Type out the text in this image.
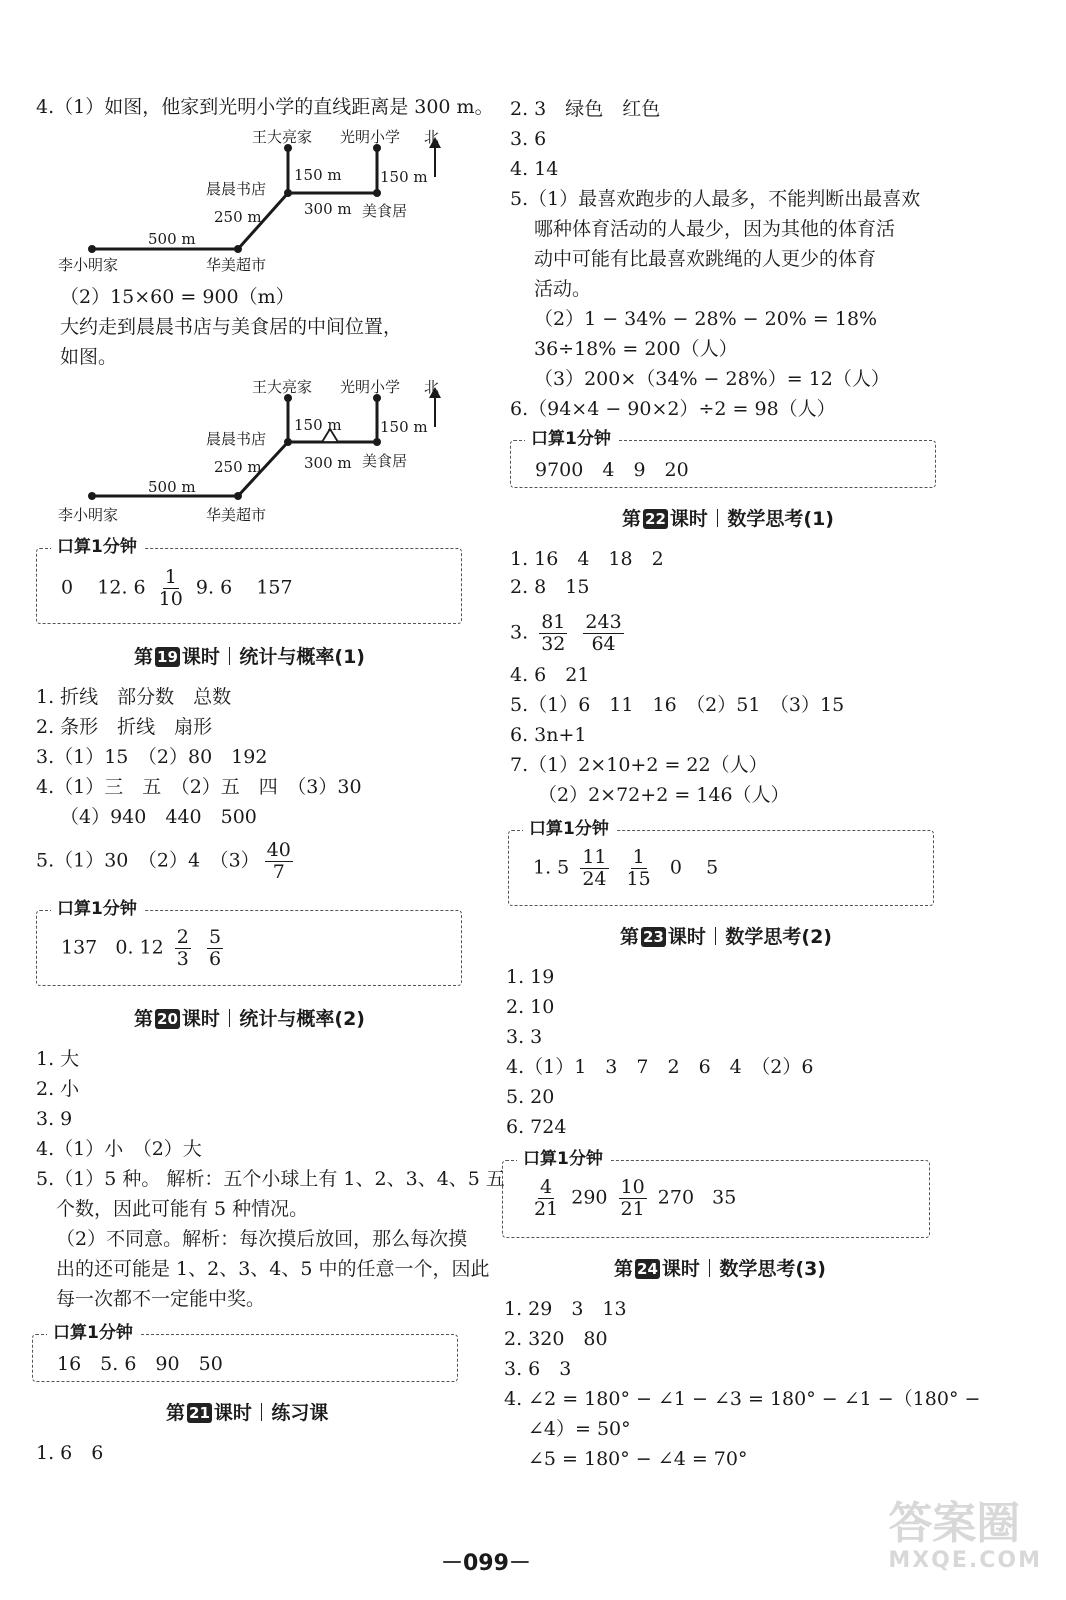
4.（1）如图，他家到光明小学的直线距离是 300 m。
王大亮家 光明小学 北
150 m	150 m
晨晨书店
300 m 美食居
250 m
500 m
李小明家	华美超市
（2）15×60 = 900（m）
大约走到晨晨书店与美食居的中间位置，
如图。
王大亮家 光明小学 北
150 m	150 m
晨晨书店
300 m 美食居
250 m
500 m
李小明家	华美超市
口算1分钟
0 12. $6 \frac{1}{10} 9$. 6 157
第 19 课时 统计与概率(1)
1. 折线　部分数　总数
2. 条形　折线　扇形
3.（1）15　（2）80　192
4.（1）三　五　（2）五　四　（3）30
（4）940　440　500
5.（1）30　（2）4　$(3) \frac{40}{7}$
口算1分钟
137 0. $12 \frac{2}{3}$
$\frac{5}{6}$
第 20 课时 统计与概率(2)
1. 大
2. 小
3. 9
4.（1）小　（2）大
5.（1）5 种。 解析：五个小球上有 1、2、3、4、5 五
个数，因此可能有 5 种情况。
（2）不同意。解析：每次摸后放回，那么每次摸
出的还可能是 1、2、3、4、5 中的任意一个，因此
每一次都不一定能中奖。
口算1分钟
16　5. 6　90　50
第 21 课时 练习课
1. 6　6
2. 3　绿色　红色
3. 6
4. 14
5.（1）最喜欢跑步的人最多，不能判断出最喜欢
哪种体育活动的人最少，因为其他的体育活
动中可能有比最喜欢跳绳的人更少的体育
活动。
（2）1 − 34% − 28% − 20% = 18%
36÷18% = 200（人）
（3）200×（34% − 28%）= 12（人）
6.（94×4 − 90×2）÷2 = 98（人）
口算1分钟
9700　4　9　20
第 22 课时 数学思考(1)
1. 16　4　18　2
2. 8　15
3. $\frac{81}{32}$
$\frac{243}{64}$
4. 6　21
5.（1）6　11　16　（2）51　（3）15
6. 3n+1
7.（1）2×10+2 = 22（人）
（2）2×72+2 = 146（人）
口算1分钟
1. $5 \frac{11}{24}$
$\frac{1}{15} 0$ 5
第 23 课时 数学思考(2)
1. 19
2. 10
3. 3
4.（1）1　3　7　2　6　4　（2）6
5. 20
6. 724
口算1分钟
$\frac{4}{21} 290 \frac{10}{21} 270$ 35
第 24 课时 数学思考(3)
1. 29　3　13
2. 320　80
3. 6　3
4. ∠2 = 180° − ∠1 − ∠3 = 180° − ∠1 −（180° −
∠4）= 50°
∠5 = 180° − ∠4 = 70°
－099－
答案圈
MXQE.COM
